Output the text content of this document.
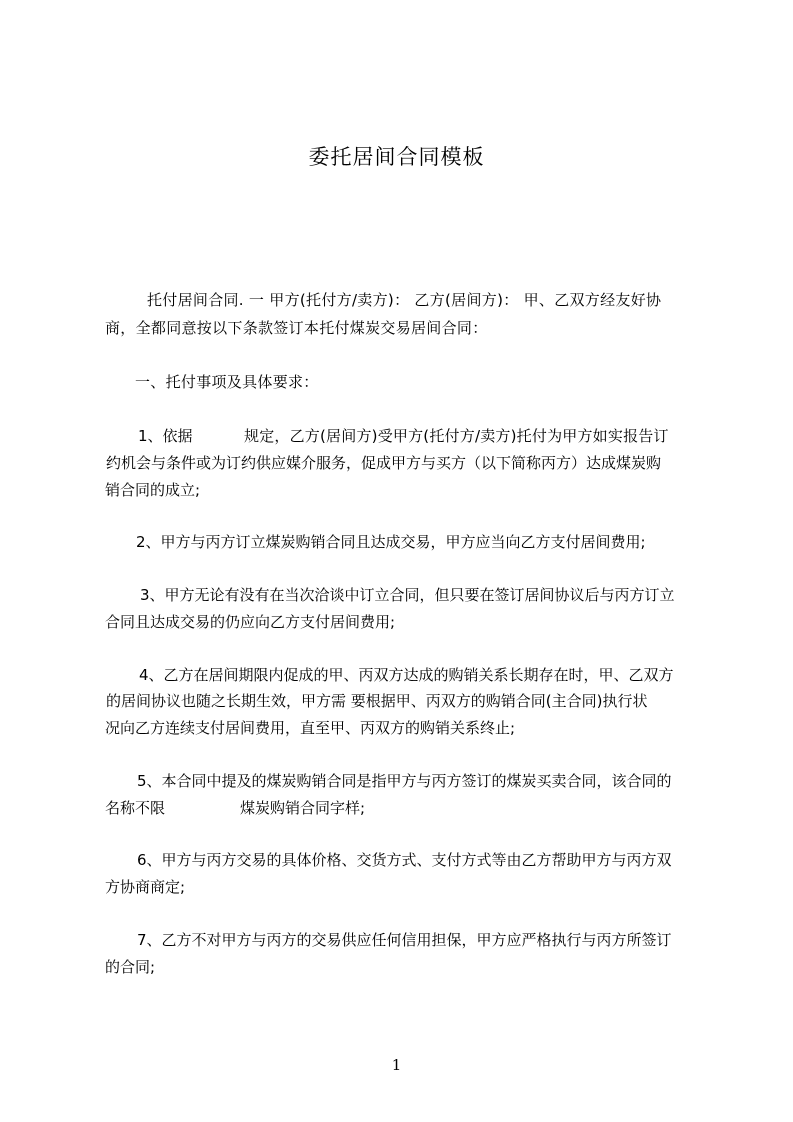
委托居间合同模板
托付居间合同. 一 甲方(托付方/卖方)： 乙方(居间方)： 甲、乙双方经友好协
商，全都同意按以下条款签订本托付煤炭交易居间合同：
一、托付事项及具体要求：
1、依据	规定，乙方(居间方)受甲方(托付方/卖方)托付为甲方如实报告订
约机会与条件或为订约供应媒介服务，促成甲方与买方（以下简称丙方）达成煤炭购
销合同的成立;
2、甲方与丙方订立煤炭购销合同且达成交易，甲方应当向乙方支付居间费用;
3、甲方无论有没有在当次洽谈中订立合同，但只要在签订居间协议后与丙方订立
合同且达成交易的仍应向乙方支付居间费用;
4、乙方在居间期限内促成的甲、丙双方达成的购销关系长期存在时，甲、乙双方
的居间协议也随之长期生效，甲方需 要根据甲、丙双方的购销合同(主合同)执行状
况向乙方连续支付居间费用，直至甲、丙双方的购销关系终止;
5、本合同中提及的煤炭购销合同是指甲方与丙方签订的煤炭买卖合同，该合同的
名称不限	煤炭购销合同字样;
6、甲方与丙方交易的具体价格、交货方式、支付方式等由乙方帮助甲方与丙方双
方协商商定;
7、乙方不对甲方与丙方的交易供应任何信用担保，甲方应严格执行与丙方所签订
的合同;
1
